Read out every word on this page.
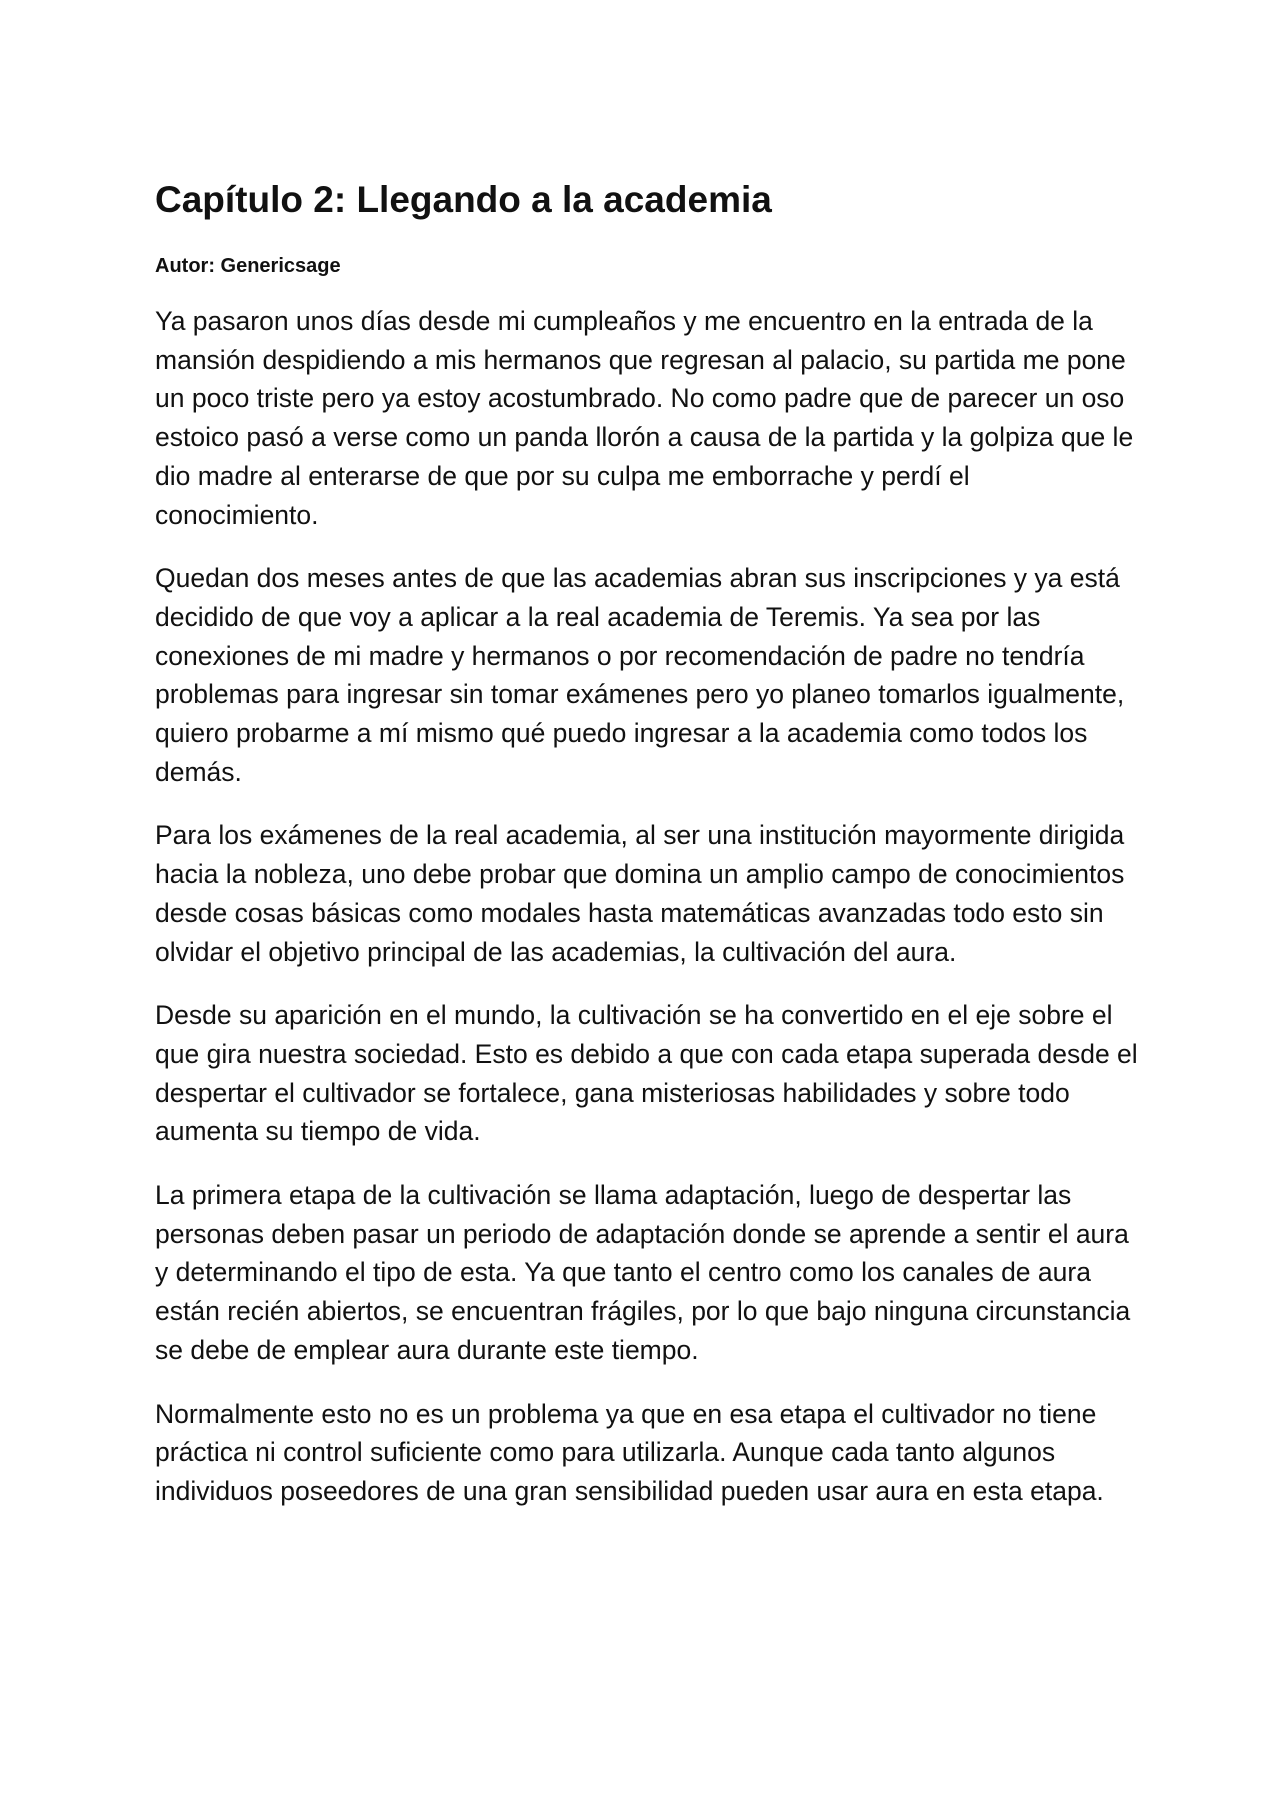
Capítulo 2: Llegando a la academia
Autor: Genericsage

Ya pasaron unos días desde mi cumpleaños y me encuentro en la entrada de la mansión despidiendo a mis hermanos que regresan al palacio, su partida me pone un poco triste pero ya estoy acostumbrado. No como padre que de parecer un oso estoico pasó a verse como un panda llorón a causa de la partida y la golpiza que le dio madre al enterarse de que por su culpa me emborrache y perdí el conocimiento.

Quedan dos meses antes de que las academias abran sus inscripciones y ya está decidido de que voy a aplicar a la real academia de Teremis. Ya sea por las conexiones de mi madre y hermanos o por recomendación de padre no tendría problemas para ingresar sin tomar exámenes pero yo planeo tomarlos igualmente, quiero probarme a mí mismo qué puedo ingresar a la academia como todos los demás.

Para los exámenes de la real academia, al ser una institución mayormente dirigida hacia la nobleza, uno debe probar que domina un amplio campo de conocimientos desde cosas básicas como modales hasta matemáticas avanzadas todo esto sin olvidar el objetivo principal de las academias, la cultivación del aura.

Desde su aparición en el mundo, la cultivación se ha convertido en el eje sobre el que gira nuestra sociedad. Esto es debido a que con cada etapa superada desde el despertar el cultivador se fortalece, gana misteriosas habilidades y sobre todo aumenta su tiempo de vida.

La primera etapa de la cultivación se llama adaptación, luego de despertar las personas deben pasar un periodo de adaptación donde se aprende a sentir el aura y determinando el tipo de esta. Ya que tanto el centro como los canales de aura están recién abiertos, se encuentran frágiles, por lo que bajo ninguna circunstancia se debe de emplear aura durante este tiempo.

Normalmente esto no es un problema ya que en esa etapa el cultivador no tiene práctica ni control suficiente como para utilizarla. Aunque cada tanto algunos individuos poseedores de una gran sensibilidad pueden usar aura en esta etapa.
